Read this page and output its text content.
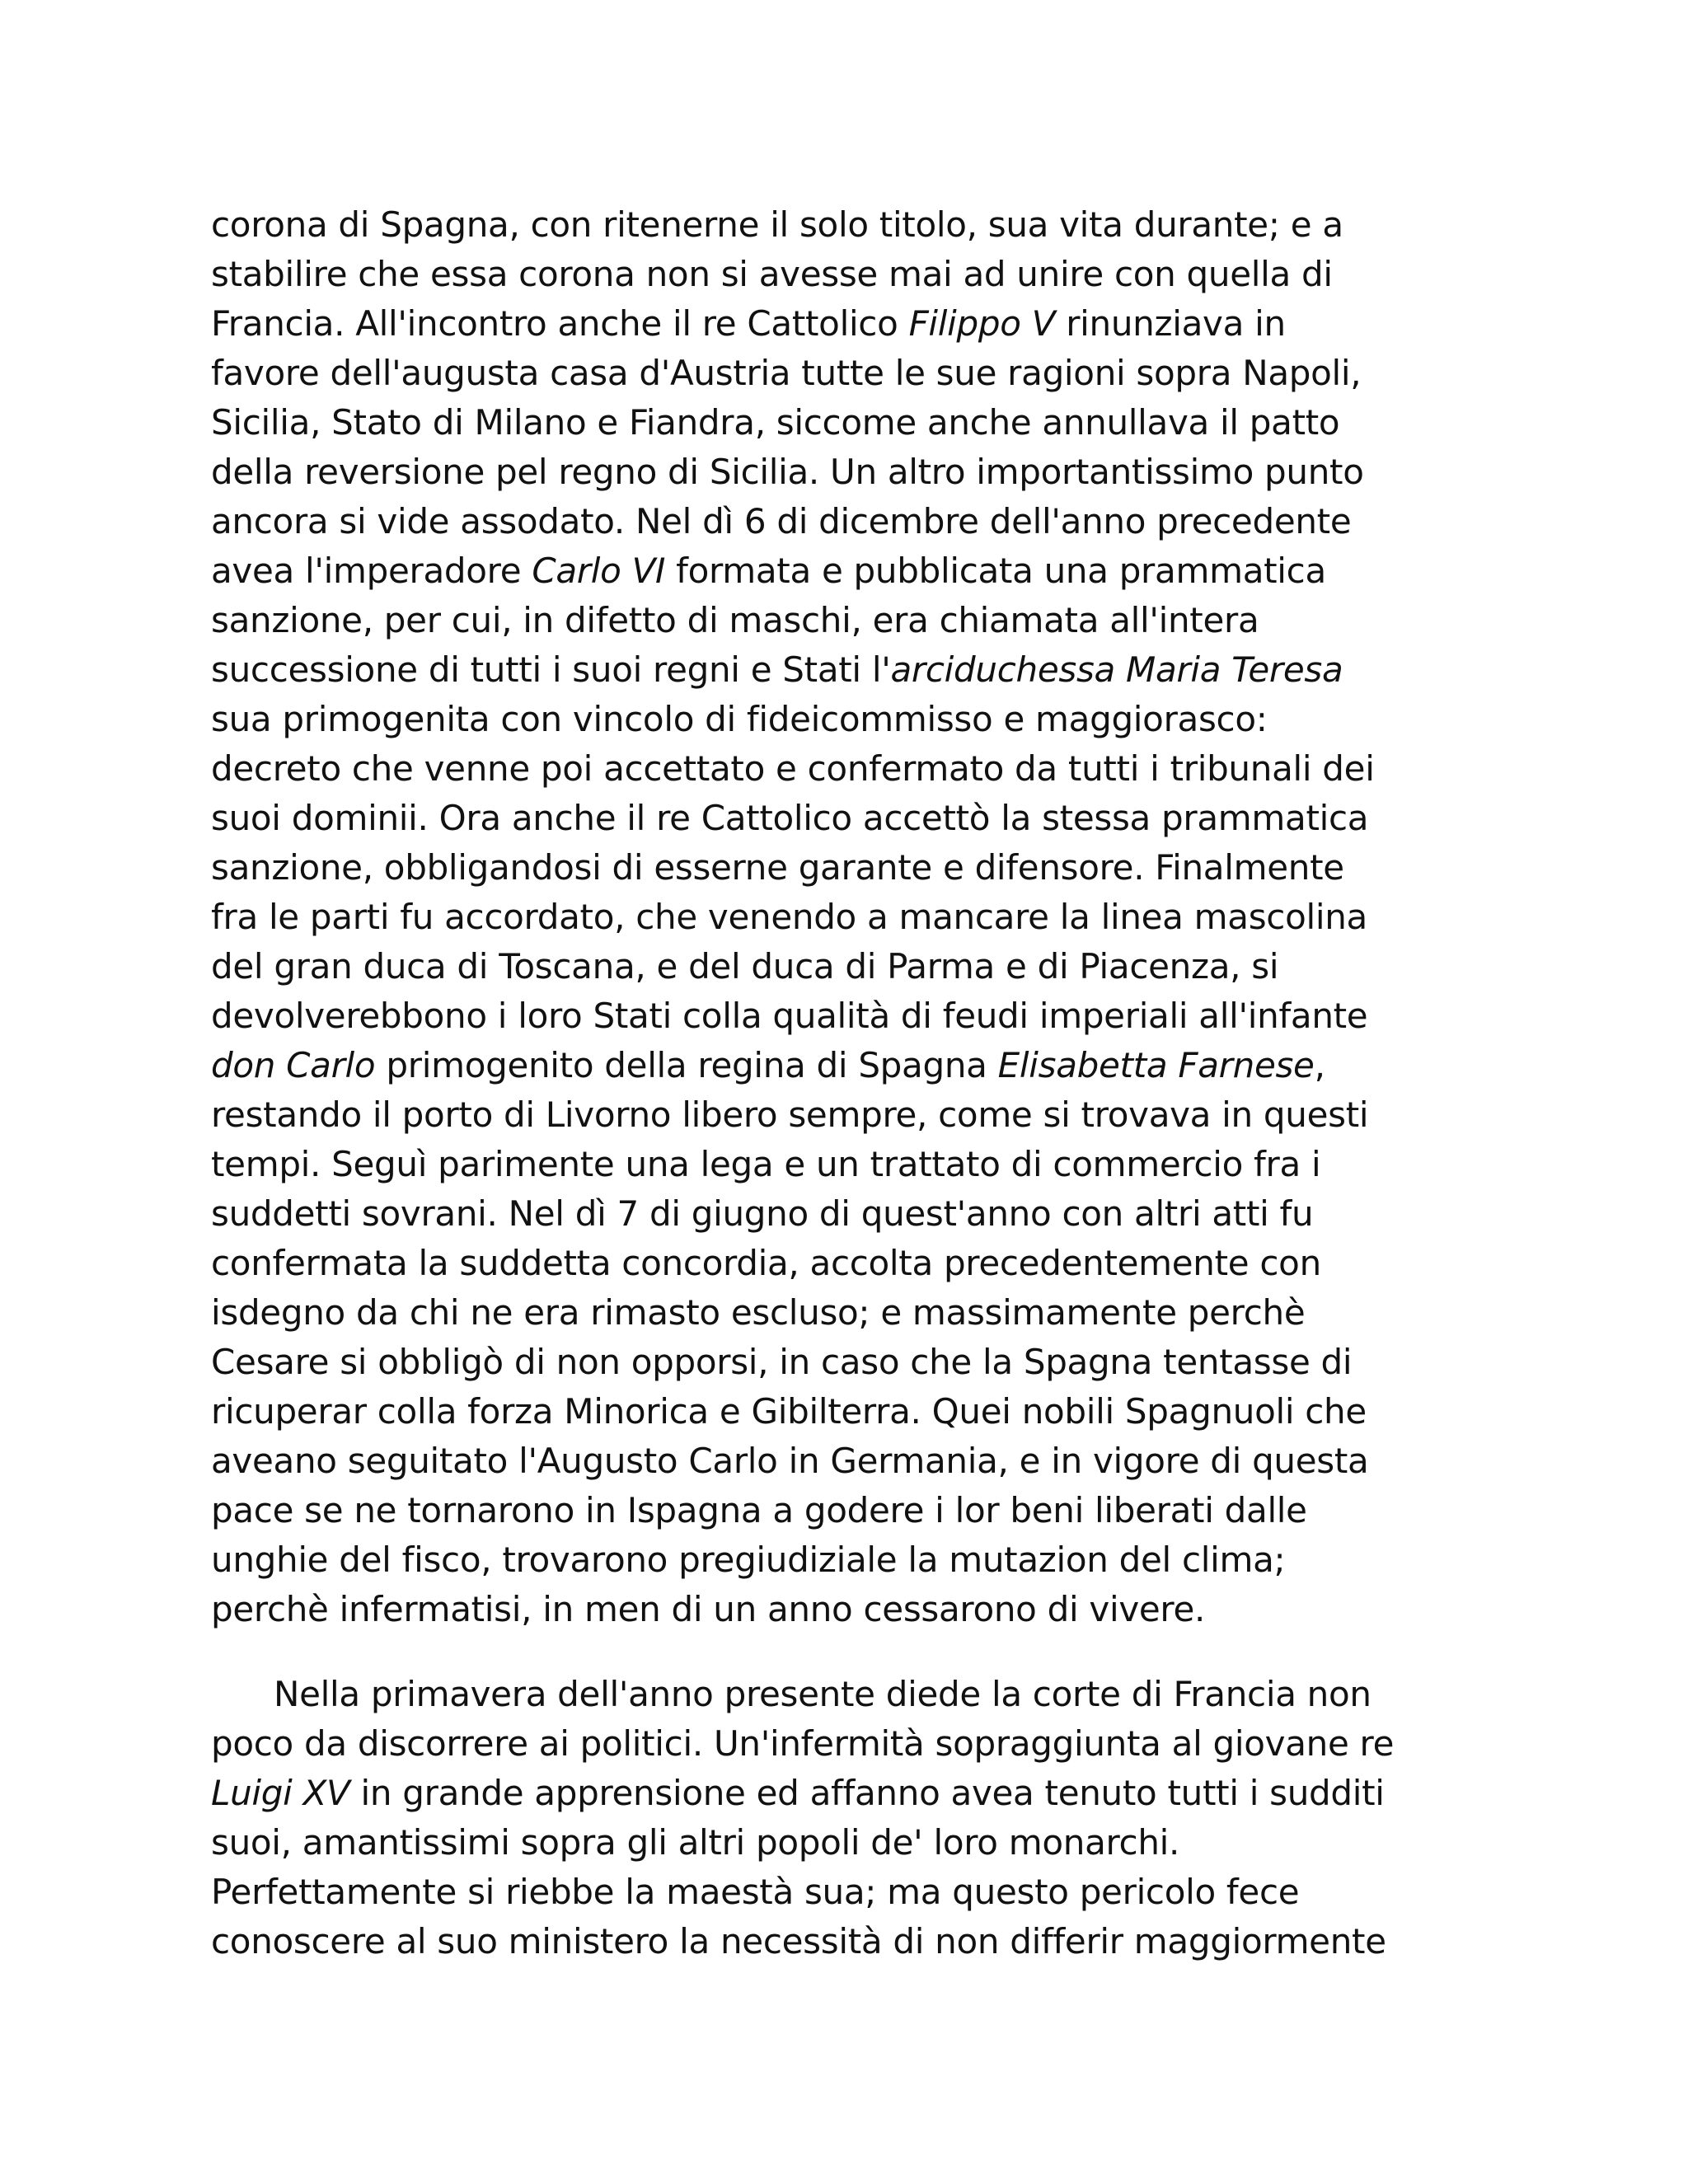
corona di Spagna, con ritenerne il solo titolo, sua vita durante; e a
stabilire che essa corona non si avesse mai ad unire con quella di
Francia. All'incontro anche il re Cattolico Filippo V rinunziava in
favore dell'augusta casa d'Austria tutte le sue ragioni sopra Napoli,
Sicilia, Stato di Milano e Fiandra, siccome anche annullava il patto
della reversione pel regno di Sicilia. Un altro importantissimo punto
ancora si vide assodato. Nel dì 6 di dicembre dell'anno precedente
avea l'imperadore Carlo VI formata e pubblicata una prammatica
sanzione, per cui, in difetto di maschi, era chiamata all'intera
successione di tutti i suoi regni e Stati l'arciduchessa Maria Teresa
sua primogenita con vincolo di fideicommisso e maggiorasco:
decreto che venne poi accettato e confermato da tutti i tribunali dei
suoi dominii. Ora anche il re Cattolico accettò la stessa prammatica
sanzione, obbligandosi di esserne garante e difensore. Finalmente
fra le parti fu accordato, che venendo a mancare la linea mascolina
del gran duca di Toscana, e del duca di Parma e di Piacenza, si
devolverebbono i loro Stati colla qualità di feudi imperiali all'infante
don Carlo primogenito della regina di Spagna Elisabetta Farnese,
restando il porto di Livorno libero sempre, come si trovava in questi
tempi. Seguì parimente una lega e un trattato di commercio fra i
suddetti sovrani. Nel dì 7 di giugno di quest'anno con altri atti fu
confermata la suddetta concordia, accolta precedentemente con
isdegno da chi ne era rimasto escluso; e massimamente perchè
Cesare si obbligò di non opporsi, in caso che la Spagna tentasse di
ricuperar colla forza Minorica e Gibilterra. Quei nobili Spagnuoli che
aveano seguitato l'Augusto Carlo in Germania, e in vigore di questa
pace se ne tornarono in Ispagna a godere i lor beni liberati dalle
unghie del fisco, trovarono pregiudiziale la mutazion del clima;
perchè infermatisi, in men di un anno cessarono di vivere.
Nella primavera dell'anno presente diede la corte di Francia non
poco da discorrere ai politici. Un'infermità sopraggiunta al giovane re
Luigi XV in grande apprensione ed affanno avea tenuto tutti i sudditi
suoi, amantissimi sopra gli altri popoli de' loro monarchi.
Perfettamente si riebbe la maestà sua; ma questo pericolo fece
conoscere al suo ministero la necessità di non differir maggiormente
